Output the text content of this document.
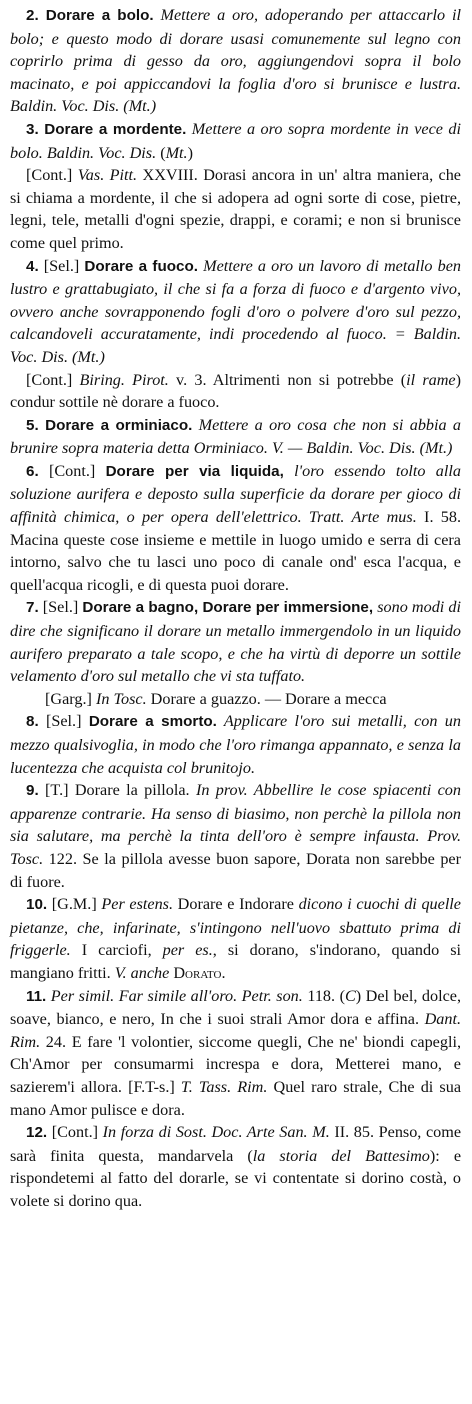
2. Dorare a bolo. Mettere a oro, adoperando per attaccarlo il bolo; e questo modo di dorare usasi comunemente sul legno con coprirlo prima di gesso da oro, aggiungendovi sopra il bolo macinato, e poi appiccandovi la foglia d'oro si brunisce e lustra. Baldin. Voc. Dis. (Mt.)

3. Dorare a mordente. Mettere a oro sopra mordente in vece di bolo. Baldin. Voc. Dis. (Mt.)

[Cont.] Vas. Pitt. XXVIII. Dorasi ancora in un' altra maniera, che si chiama a mordente, il che si adopera ad ogni sorte di cose, pietre, legni, tele, metalli d'ogni spezie, drappi, e corami; e non si brunisce come quel primo.

4. [Sel.] Dorare a fuoco. Mettere a oro un lavoro di metallo ben lustro e grattabugiato, il che si fa a forza di fuoco e d'argento vivo, ovvero anche sovrapponendo fogli d'oro o polvere d'oro sul pezzo, calcandoveli accuratamente, indi procedendo al fuoco. = Baldin. Voc. Dis. (Mt.)

[Cont.] Biring. Pirot. v. 3. Altrimenti non si potrebbe (il rame) condur sottile nè dorare a fuoco.

5. Dorare a orminiaco. Mettere a oro cosa che non si abbia a brunire sopra materia detta Orminiaco. V. — Baldin. Voc. Dis. (Mt.)

6. [Cont.] Dorare per via liquida, l'oro essendo tolto alla soluzione aurifera e deposto sulla superficie da dorare per gioco di affinità chimica, o per opera dell'elettrico. Tratt. Arte mus. I. 58. Macina queste cose insieme e mettile in luogo umido e serra di cera intorno, salvo che tu lasci uno poco di canale ond' esca l'acqua, e quell'acqua ricogli, e di questa puoi dorare.

7. [Sel.] Dorare a bagno, Dorare per immersione, sono modi di dire che significano il dorare un metallo immergendolo in un liquido aurifero preparato a tale scopo, e che ha virtù di deporre un sottile velamento d'oro sul metallo che vi sta tuffato.

[Garg.] In Tosc. Dorare a guazzo. — Dorare a mecca

8. [Sel.] Dorare a smorto. Applicare l'oro sui metalli, con un mezzo qualsivoglia, in modo che l'oro rimanga appannato, e senza la lucentezza che acquista col brunitojo.

9. [T.] Dorare la pillola. In prov. Abbellire le cose spiacenti con apparenze contrarie. Ha senso di biasimo, non perchè la pillola non sia salutare, ma perchè la tinta dell'oro è sempre infausta. Prov. Tosc. 122. Se la pillola avesse buon sapore, Dorata non sarebbe per di fuore.

10. [G.M.] Per estens. Dorare e Indorare dicono i cuochi di quelle pietanze, che, infarinate, s'intingono nell'uovo sbattuto prima di friggerle. I carciofi, per es., si dorano, s'indorano, quando si mangiano fritti. V. anche Dorato.

11. Per simil. Far simile all'oro. Petr. son. 118. (C) Del bel, dolce, soave, bianco, e nero, In che i suoi strali Amor dora e affina. Dant. Rim. 24. E fare 'l volontier, siccome quegli, Che ne' biondi capegli, Ch'Amor per consumarmi increspa e dora, Metterei mano, e sazierem'i allora. [F.T-s.] T. Tass. Rim. Quel raro strale, Che di sua mano Amor pulisce e dora.

12. [Cont.] In forza di Sost. Doc. Arte San. M. II. 85. Penso, come sarà finita questa, mandarvela (la storia del Battesimo): e rispondetemi al fatto del dorarle, se vi contentate si dorino costà, o volete si dorino qua.
